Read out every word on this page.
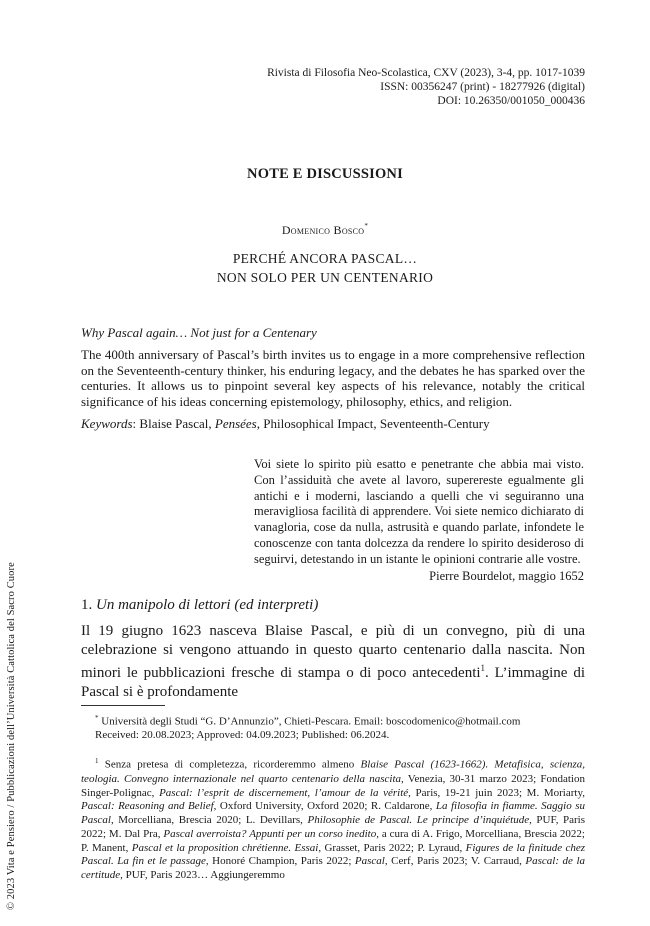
Rivista di Filosofia Neo-Scolastica, CXV (2023), 3-4, pp. 1017-1039
ISSN: 00356247 (print) - 18277926 (digital)
DOI: 10.26350/001050_000436
NOTE E DISCUSSIONI
Domenico Bosco*
PERCHÉ ANCORA PASCAL…
NON SOLO PER UN CENTENARIO
Why Pascal again… Not just for a Centenary

The 400th anniversary of Pascal’s birth invites us to engage in a more comprehensive reflection on the Seventeenth-century thinker, his enduring legacy, and the debates he has sparked over the centuries. It allows us to pinpoint several key aspects of his relevance, notably the critical significance of his ideas concerning epistemology, philosophy, ethics, and religion.

Keywords: Blaise Pascal, Pensées, Philosophical Impact, Seventeenth-Century

Voi siete lo spirito più esatto e penetrante che abbia mai visto. Con l’assiduità che avete al lavoro, superereste egualmente gli antichi e i moderni, lasciando a quelli che vi seguiranno una meravigliosa facilità di apprendere. Voi siete nemico dichiarato di vanagloria, cose da nulla, astrusità e quando parlate, infondete le conoscenze con tanta dolcezza da rendere lo spirito desideroso di seguirvi, detestando in un istante le opinioni contrarie alle vostre.
Pierre Bourdelot, maggio 1652
1. Un manipolo di lettori (ed interpreti)
Il 19 giugno 1623 nasceva Blaise Pascal, e più di un convegno, più di una celebrazione si vengono attuando in questo quarto centenario dalla nascita. Non minori le pubblicazioni fresche di stampa o di poco antecedenti$^1$. L’immagine di Pascal si è profondamente

* Università degli Studi “G. D’Annunzio”, Chieti-Pescara. Email: boscodomenico@hotmail.com
Received: 20.08.2023; Approved: 04.09.2023; Published: 06.2024.

$^1$ Senza pretesa di completezza, ricorderemmo almeno Blaise Pascal (1623-1662). Metafisica, scienza, teologia. Convegno internazionale nel quarto centenario della nascita, Venezia, 30-31 marzo 2023; Fondation Singer-Polignac, Pascal: l’esprit de discernement, l’amour de la vérité, Paris, 19-21 juin 2023; M. Moriarty, Pascal: Reasoning and Belief, Oxford University, Oxford 2020; R. Caldarone, La filosofia in fiamme. Saggio su Pascal, Morcelliana, Brescia 2020; L. Devillars, Philosophie de Pascal. Le principe d’inquiétude, PUF, Paris 2022; M. Dal Pra, Pascal averroista? Appunti per un corso inedito, a cura di A. Frigo, Morcelliana, Brescia 2022; P. Manent, Pascal et la proposition chrétienne. Essai, Grasset, Paris 2022; P. Lyraud, Figures de la finitude chez Pascal. La fin et le passage, Honoré Champion, Paris 2022; Pascal, Cerf, Paris 2023; V. Carraud, Pascal: de la certitude, PUF, Paris 2023… Aggiungeremmo

© 2023 Vita e Pensiero / Pubblicazioni dell’Università Cattolica del Sacro Cuore
